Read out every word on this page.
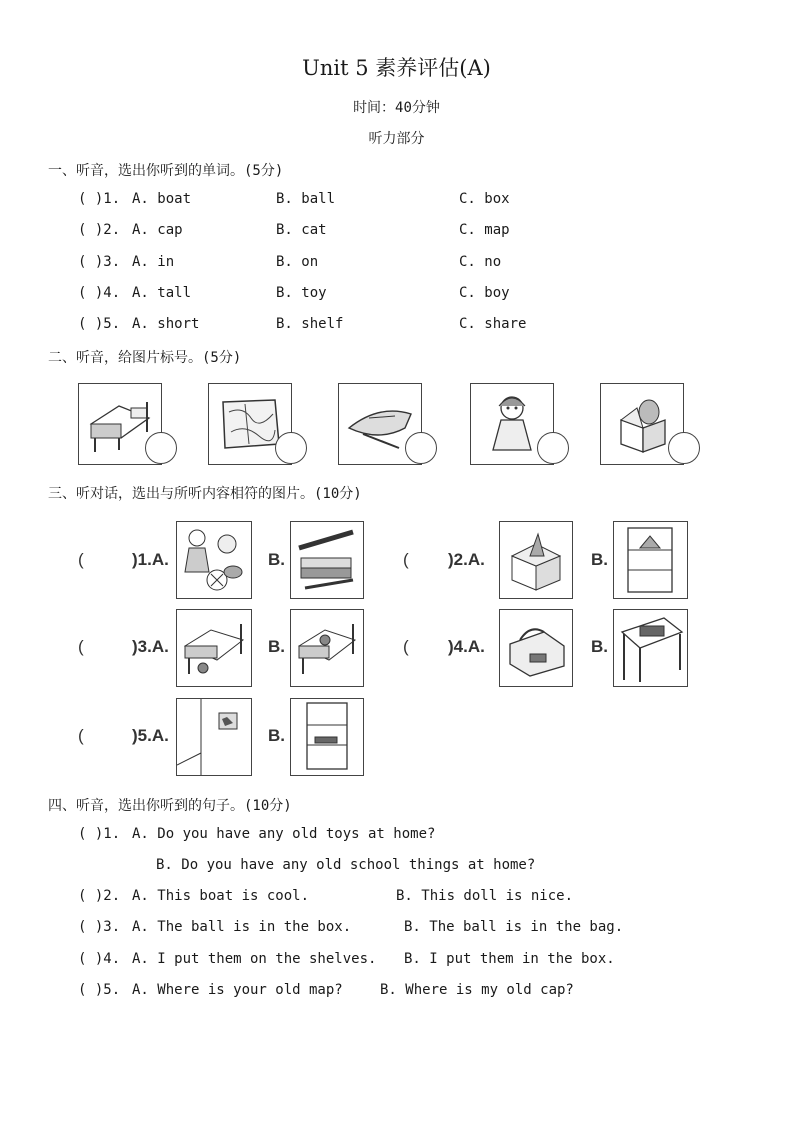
Unit 5 素养评估(A)
时间：40分钟
听力部分
一、听音，选出你听到的单词。(5分)
( )1. A. boat	B. ball	C. box
( )2. A. cap	B. cat	C. map
( )3. A. in	B. on	C. no
( )4. A. tall	B. toy	C. boy
( )5. A. short	B. shelf	C. share
二、听音，给图片标号。(5分)
三、听对话，选出与所听内容相符的图片。(10分)
(	)1.A.	B.	( )2.A.	B.
(	)3.A.	B.	( )4.A.	B.
(	)5.A.	B.
四、听音，选出你听到的句子。(10分)
( )1. A. Do you have any old toys at home?
B. Do you have any old school things at home?
( )2. A. This boat is cool.	B. This doll is nice.
( )3. A. The ball is in the box.	B. The ball is in the bag.
( )4. A. I put them on the shelves. B. I put them in the box.
( )5. A. Where is your old map?	B. Where is my old cap?
